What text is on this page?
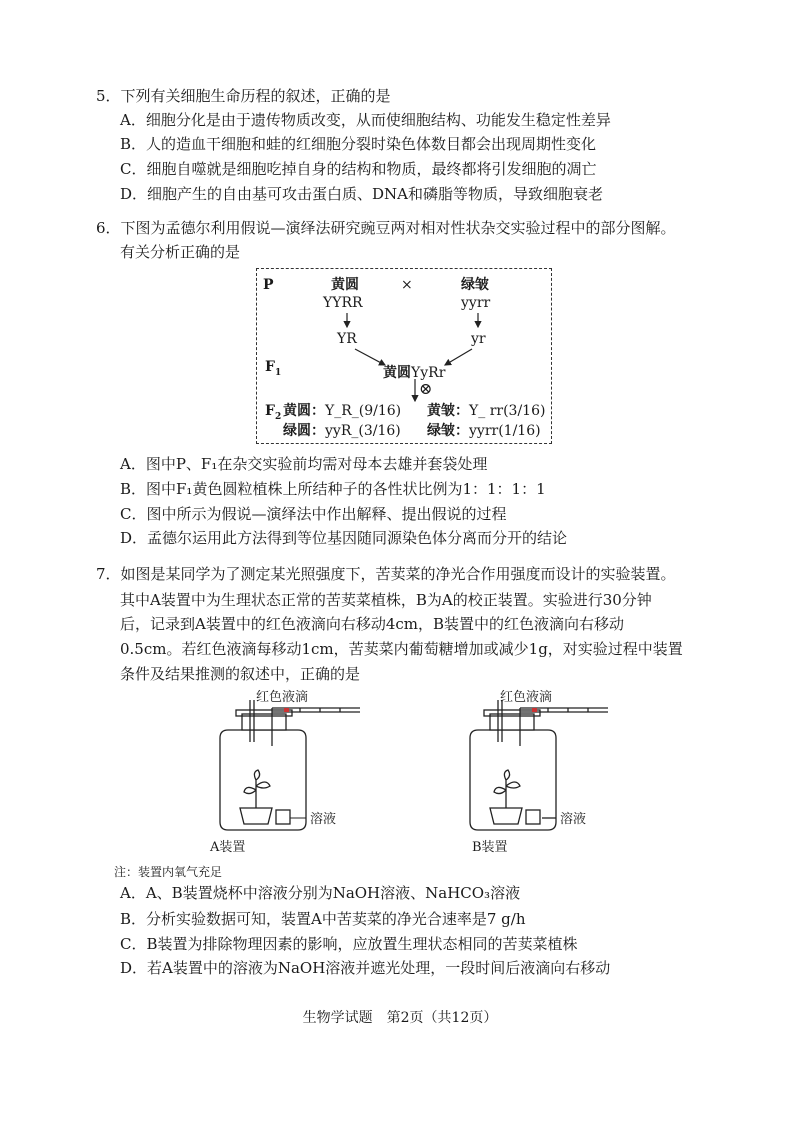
5．下列有关细胞生命历程的叙述，正确的是
A．细胞分化是由于遗传物质改变，从而使细胞结构、功能发生稳定性差异
B．人的造血干细胞和蛙的红细胞分裂时染色体数目都会出现周期性变化
C．细胞自噬就是细胞吃掉自身的结构和物质，最终都将引发细胞的凋亡
D．细胞产生的自由基可攻击蛋白质、DNA和磷脂等物质，导致细胞衰老
6．下图为孟德尔利用假说—演绎法研究豌豆两对相对性状杂交实验过程中的部分图解。
有关分析正确的是
P	黄圆	×	绿皱
YYRR	yyrr
YR	yr
$F_1$	黄圆YyRr
⊗
$F_2$ 黄圆：Y_R_(9/16) 黄皱：Y_ rr(3/16)
绿圆：yyR_(3/16) 绿皱：yyrr(1/16)
A．图中P、F₁在杂交实验前均需对母本去雄并套袋处理
B．图中F₁黄色圆粒植株上所结种子的各性状比例为1：1：1：1
C．图中所示为假说—演绎法中作出解释、提出假说的过程
D．孟德尔运用此方法得到等位基因随同源染色体分离而分开的结论
7．如图是某同学为了测定某光照强度下，苦荬菜的净光合作用强度而设计的实验装置。
其中A装置中为生理状态正常的苦荬菜植株，B为A的校正装置。实验进行30分钟
后，记录到A装置中的红色液滴向右移动4cm，B装置中的红色液滴向右移动
0.5cm。若红色液滴每移动1cm，苦荬菜内葡萄糖增加或减少1g，对实验过程中装置
条件及结果推测的叙述中，正确的是
红色液滴	红色液滴
溶液	溶液
A装置	B装置
注：装置内氧气充足
A．A、B装置烧杯中溶液分别为NaOH溶液、NaHCO₃溶液
B．分析实验数据可知，装置A中苦荬菜的净光合速率是7 g/h
C．B装置为排除物理因素的影响，应放置生理状态相同的苦荬菜植株
D．若A装置中的溶液为NaOH溶液并遮光处理，一段时间后液滴向右移动
生物学试题　第2页（共12页）
